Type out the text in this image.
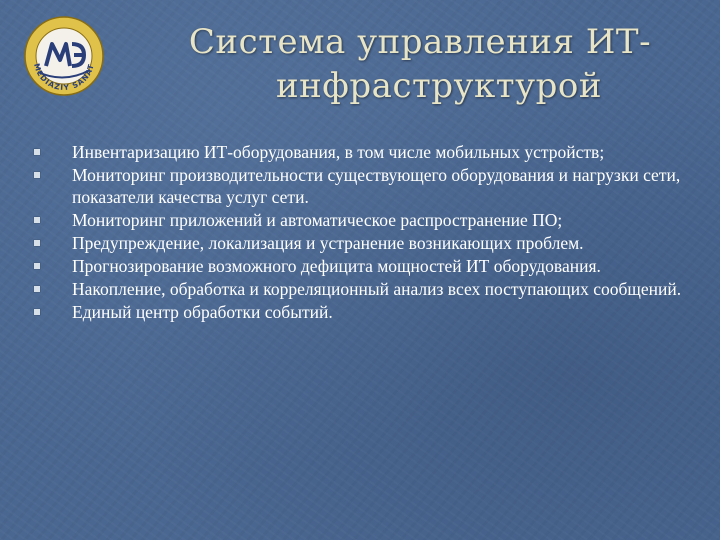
MEDIAZIY SANAT
Система управления ИТ-
инфраструктурой
Инвентаризацию ИТ-оборудования, в том числе мобильных устройств;
Мониторинг производительности существующего оборудования и нагрузки сети, показатели качества услуг сети.
Мониторинг приложений и автоматическое распространение ПО;
Предупреждение, локализация и устранение возникающих проблем.
Прогнозирование возможного дефицита мощностей ИТ оборудования.
Накопление, обработка и корреляционный анализ всех поступающих сообщений.
Единый центр обработки событий.
